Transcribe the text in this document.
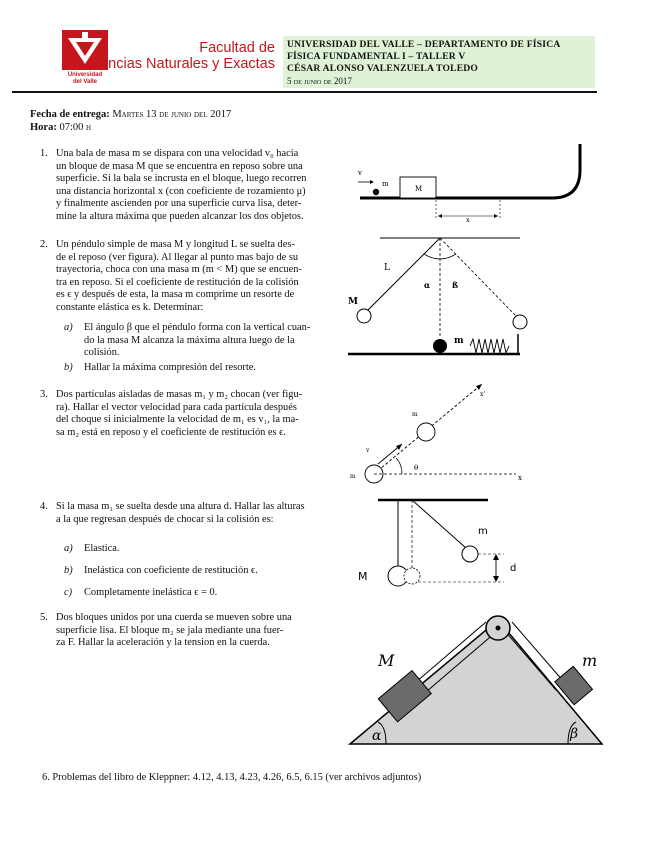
Universidad
del Valle
Facultad de
Ciencias Naturales y Exactas
UNIVERSIDAD DEL VALLE – DEPARTAMENTO DE FÍSICA
FÍSICA FUNDAMENTAL I – TALLER V
CÉSAR ALONSO VALENZUELA TOLEDO
5 de junio de 2017
Fecha de entrega: Martes 13 de junio del 2017
Hora: 07:00 h
1. Una bala de masa m se dispara con una velocidad v₀ hacia

un bloque de masa M que se encuentra en reposo sobre una

superficie. Si la bala se incrusta en el bloque, luego recorren

una distancia horizontal x (con coeficiente de rozamiento μ)

y finalmente ascienden por una superficie curva lisa, deter-

mine la altura máxima que pueden alcanzar los dos objetos.

v
m
M
x
2. Un péndulo simple de masa M y longitud L se suelta des-

de el reposo (ver figura). Al llegar al punto mas bajo de su

trayectoria, choca con una masa m (m < M) que se encuen-

tra en reposo. Si el coeficiente de restitución de la colisión

es ϵ y después de esta, la masa m comprime un resorte de

constante elástica es k. Determinar:

a) El ángulo β que el péndulo forma con la vertical cuan-
do la masa M alcanza la máxima altura luego de la
colisión.
b) Hallar la máxima compresión del resorte.
L
M
α	ß
m
3. Dos partículas aisladas de masas m₁ y m₂ chocan (ver figu-

ra). Hallar el vector velocidad para cada partícula después

del choque si inicialmente la velocidad de m₁ es v₁, la ma-

sa m₂ está en reposo y el coeficiente de restitución es ϵ.

x'
m
v
m	x
θ
4. Si la masa m₁ se suelta desde una altura d. Hallar las alturas

a la que regresan después de chocar si la colisión es:

a) Elastica.
b) Inelástica con coeficiente de restitución ϵ.
c) Completamente inelástica ϵ = 0.
m
M
d
5. Dos bloques unidos por una cuerda se mueven sobre una

superficie lisa. El bloque m₂ se jala mediante una fuer-

za F. Hallar la aceleración y la tension en la cuerda.

M	m
α	β
6. Problemas del libro de Kleppner: 4.12, 4.13, 4.23, 4.26, 6.5, 6.15 (ver archivos adjuntos)
